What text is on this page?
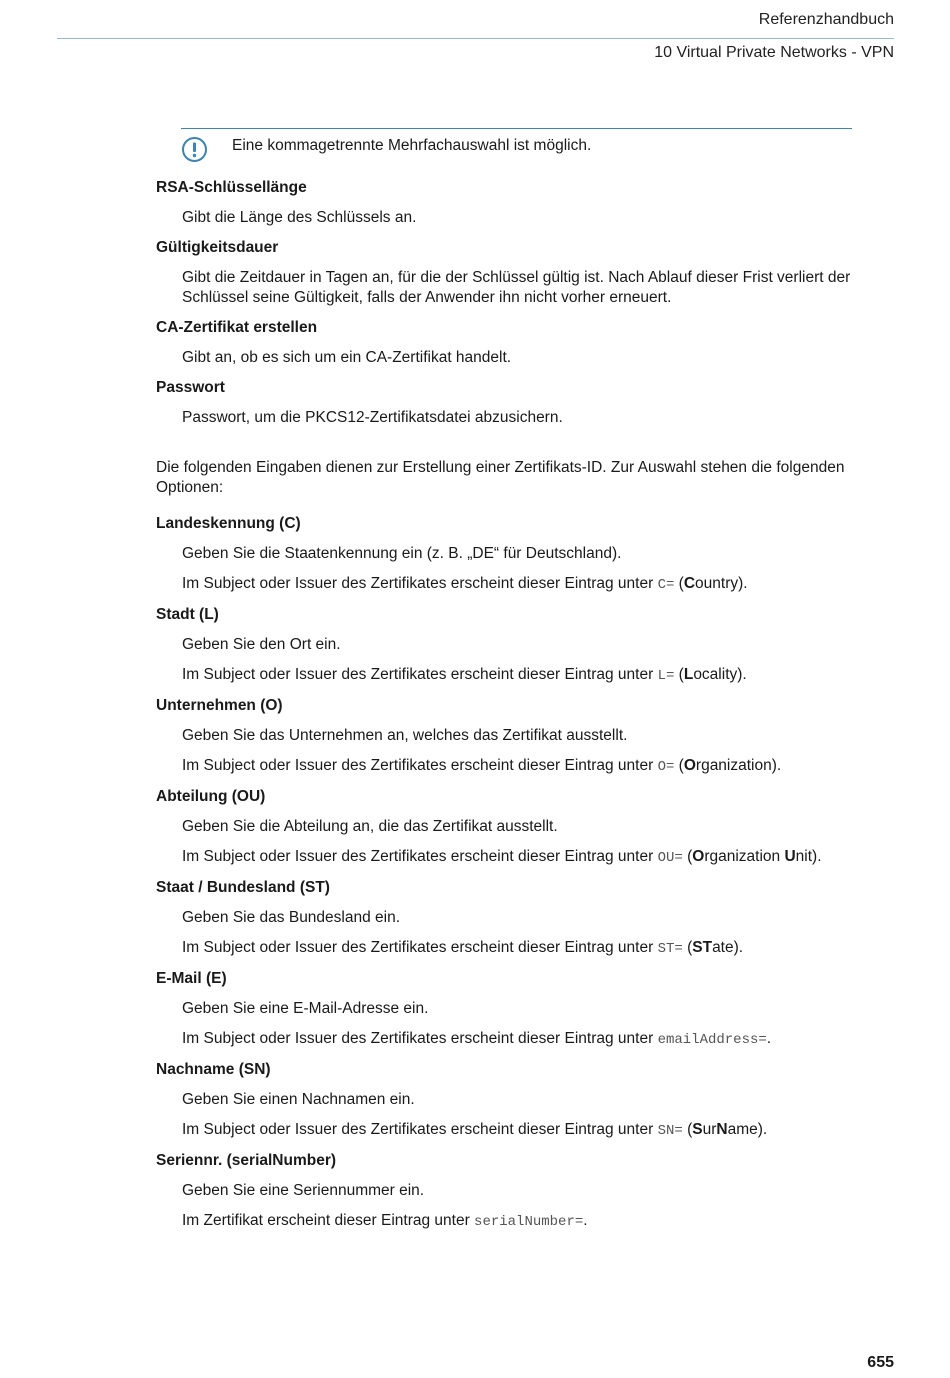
Referenzhandbuch
10 Virtual Private Networks - VPN
Eine kommagetrennte Mehrfachauswahl ist möglich.
RSA-Schlüssellänge
Gibt die Länge des Schlüssels an.
Gültigkeitsdauer
Gibt die Zeitdauer in Tagen an, für die der Schlüssel gültig ist. Nach Ablauf dieser Frist verliert der Schlüssel seine Gültigkeit, falls der Anwender ihn nicht vorher erneuert.
CA-Zertifikat erstellen
Gibt an, ob es sich um ein CA-Zertifikat handelt.
Passwort
Passwort, um die PKCS12-Zertifikatsdatei abzusichern.
Die folgenden Eingaben dienen zur Erstellung einer Zertifikats-ID. Zur Auswahl stehen die folgenden Optionen:
Landeskennung (C)
Geben Sie die Staatenkennung ein (z. B. „DE“ für Deutschland).
Im Subject oder Issuer des Zertifikates erscheint dieser Eintrag unter C= (Country).
Stadt (L)
Geben Sie den Ort ein.
Im Subject oder Issuer des Zertifikates erscheint dieser Eintrag unter L= (Locality).
Unternehmen (O)
Geben Sie das Unternehmen an, welches das Zertifikat ausstellt.
Im Subject oder Issuer des Zertifikates erscheint dieser Eintrag unter O= (Organization).
Abteilung (OU)
Geben Sie die Abteilung an, die das Zertifikat ausstellt.
Im Subject oder Issuer des Zertifikates erscheint dieser Eintrag unter OU= (Organization Unit).
Staat / Bundesland (ST)
Geben Sie das Bundesland ein.
Im Subject oder Issuer des Zertifikates erscheint dieser Eintrag unter ST= (STate).
E-Mail (E)
Geben Sie eine E-Mail-Adresse ein.
Im Subject oder Issuer des Zertifikates erscheint dieser Eintrag unter emailAddress=.
Nachname (SN)
Geben Sie einen Nachnamen ein.
Im Subject oder Issuer des Zertifikates erscheint dieser Eintrag unter SN= (SurName).
Seriennr. (serialNumber)
Geben Sie eine Seriennummer ein.
Im Zertifikat erscheint dieser Eintrag unter serialNumber=.
655
